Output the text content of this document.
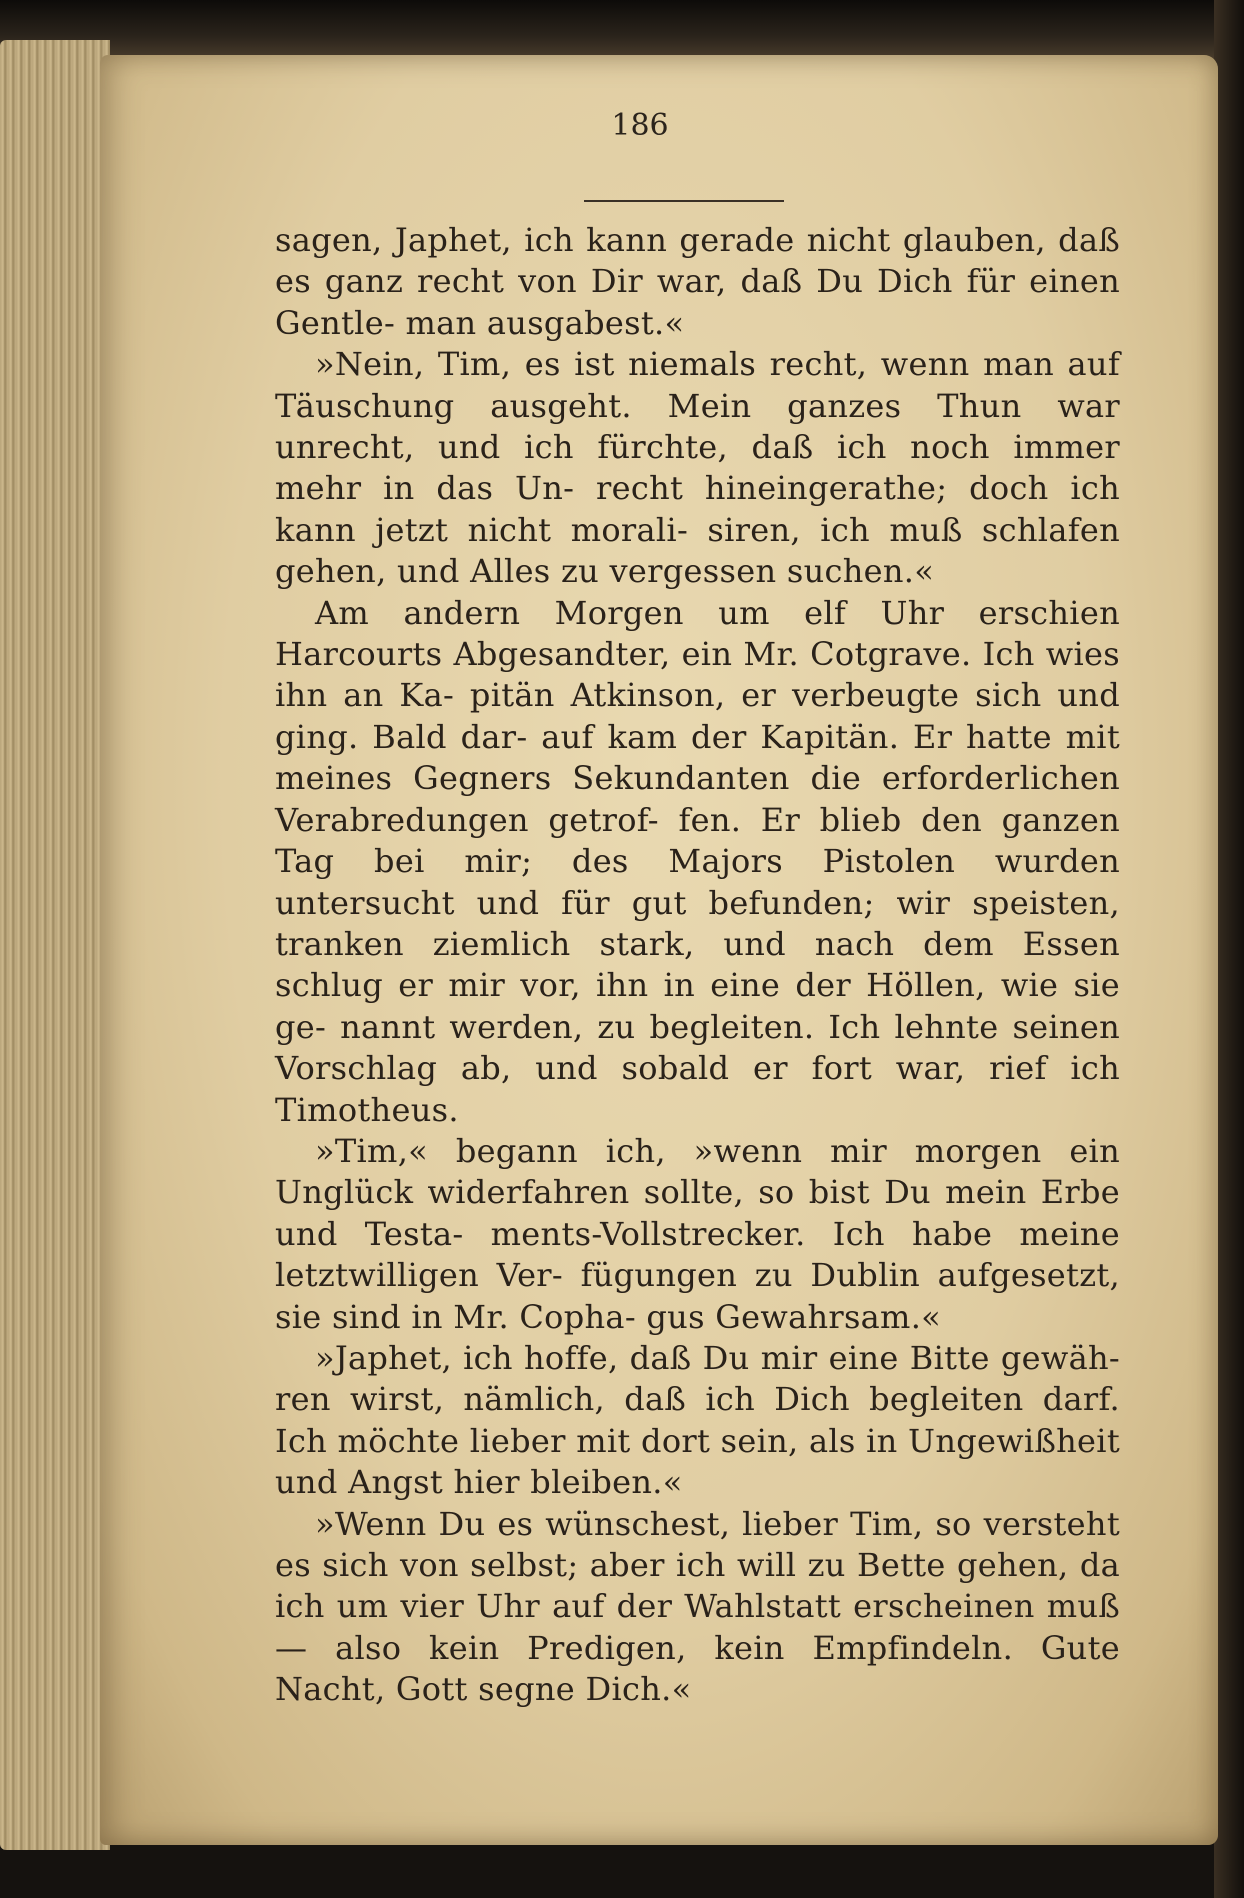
186

sagen, Japhet, ich kann gerade nicht glauben, daß es ganz recht von Dir war, daß Du Dich für einen Gentle- man ausgabest.«

»Nein, Tim, es ist niemals recht, wenn man auf Täuschung ausgeht. Mein ganzes Thun war unrecht, und ich fürchte, daß ich noch immer mehr in das Un- recht hineingerathe; doch ich kann jetzt nicht morali- siren, ich muß schlafen gehen, und Alles zu vergessen suchen.«

Am andern Morgen um elf Uhr erschien Harcourts Abgesandter, ein Mr. Cotgrave. Ich wies ihn an Ka- pitän Atkinson, er verbeugte sich und ging. Bald dar- auf kam der Kapitän. Er hatte mit meines Gegners Sekundanten die erforderlichen Verabredungen getrof- fen. Er blieb den ganzen Tag bei mir; des Majors Pistolen wurden untersucht und für gut befunden; wir speisten, tranken ziemlich stark, und nach dem Essen schlug er mir vor, ihn in eine der Höllen, wie sie ge- nannt werden, zu begleiten. Ich lehnte seinen Vorschlag ab, und sobald er fort war, rief ich Timotheus.

»Tim,« begann ich, »wenn mir morgen ein Unglück widerfahren sollte, so bist Du mein Erbe und Testa- ments-Vollstrecker. Ich habe meine letztwilligen Ver- fügungen zu Dublin aufgesetzt, sie sind in Mr. Copha- gus Gewahrsam.«

»Japhet, ich hoffe, daß Du mir eine Bitte gewäh- ren wirst, nämlich, daß ich Dich begleiten darf. Ich möchte lieber mit dort sein, als in Ungewißheit und Angst hier bleiben.«

»Wenn Du es wünschest, lieber Tim, so versteht es sich von selbst; aber ich will zu Bette gehen, da ich um vier Uhr auf der Wahlstatt erscheinen muß — also kein Predigen, kein Empfindeln. Gute Nacht, Gott segne Dich.«
